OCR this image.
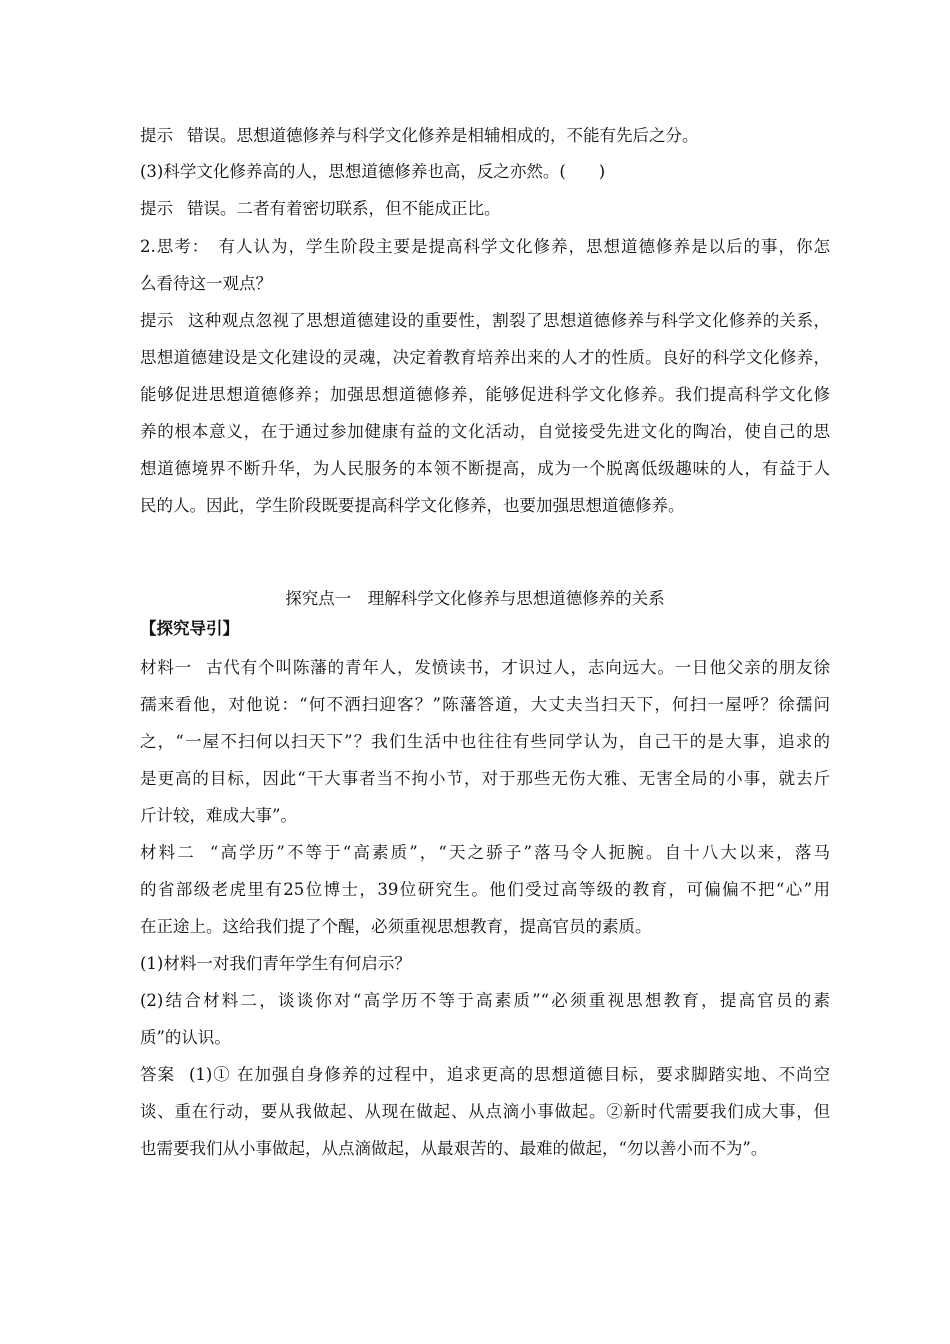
提示 错误。思想道德修养与科学文化修养是相辅相成的，不能有先后之分。
(3)科学文化修养高的人，思想道德修养也高，反之亦然。(　　)
提示 错误。二者有着密切联系，但不能成正比。
2.思考：　有人认为，学生阶段主要是提高科学文化修养，思想道德修养是以后的事，你怎
么看待这一观点？
提示 这种观点忽视了思想道德建设的重要性，割裂了思想道德修养与科学文化修养的关系，
思想道德建设是文化建设的灵魂，决定着教育培养出来的人才的性质。良好的科学文化修养，
能够促进思想道德修养；加强思想道德修养，能够促进科学文化修养。我们提高科学文化修
养的根本意义，在于通过参加健康有益的文化活动，自觉接受先进文化的陶冶，使自己的思
想道德境界不断升华，为人民服务的本领不断提高，成为一个脱离低级趣味的人，有益于人
民的人。因此，学生阶段既要提高科学文化修养，也要加强思想道德修养。
探究点一　理解科学文化修养与思想道德修养的关系
【探究导引】
材料一 古代有个叫陈藩的青年人，发愤读书，才识过人，志向远大。一日他父亲的朋友徐
孺来看他，对他说：“何不洒扫迎客？”陈藩答道，大丈夫当扫天下，何扫一屋呼？徐孺问
之，“一屋不扫何以扫天下”？我们生活中也往往有些同学认为，自己干的是大事，追求的
是更高的目标，因此“干大事者当不拘小节，对于那些无伤大雅、无害全局的小事，就去斤
斤计较，难成大事”。
材料二 “高学历”不等于“高素质”，“天之骄子”落马令人扼腕。自十八大以来，落马
的省部级老虎里有25位博士，39位研究生。他们受过高等级的教育，可偏偏不把“心”用
在正途上。这给我们提了个醒，必须重视思想教育，提高官员的素质。
(1)材料一对我们青年学生有何启示？
(2)结合材料二，谈谈你对“高学历不等于高素质”“必须重视思想教育，提高官员的素
质”的认识。
答案 (1)① 在加强自身修养的过程中，追求更高的思想道德目标，要求脚踏实地、不尚空
谈、重在行动，要从我做起、从现在做起、从点滴小事做起。②新时代需要我们成大事，但
也需要我们从小事做起，从点滴做起，从最艰苦的、最难的做起，“勿以善小而不为”。
